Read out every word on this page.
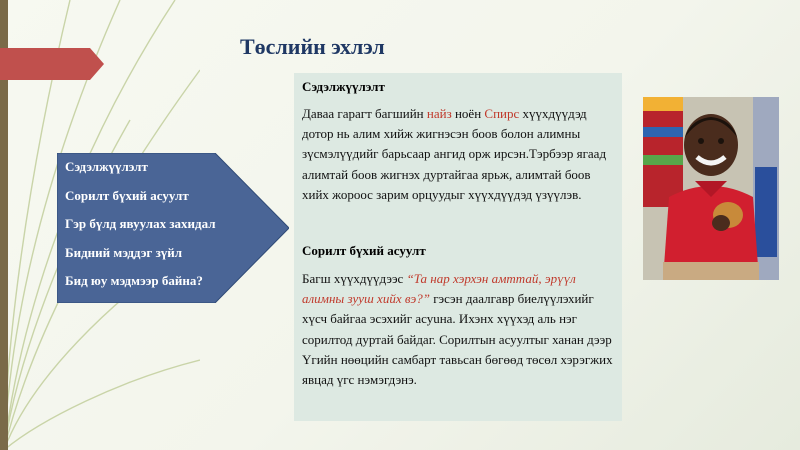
Төслийн эхлэл
Сэдэлжүүлэлт
Сорилт бүхий асуулт
Гэр бүлд явуулах захидал
Бидний мэддэг зүйл
Бид юу мэдмээр байна?
Сэдэлжүүлэлт

Даваа гарагт багшийн найз ноён Спирс хүүхдүүдэд дотор нь алим хийж жигнэсэн боов болон алимны зүсмэлүүдийг барьсаар ангид орж ирсэн.Тэрбээр ягаад алимтай боов жигнэх дуртайгаа ярьж, алимтай боов хийх жороос зарим орцуудыг хүүхдүүдэд үзүүлэв.

Сорилт бүхий асуулт

Багш хүүхдүүдээс “Та нар хэрхэн амттай, эрүүл алимны зууш хийх вэ?” гэсэн даалгавр биелүүлэхийг хүсч байгаа эсэхийг асуuна. Ихэнх хүүхэд аль нэг сорилтод дуртай байдаг. Сорилтын асуултыг ханан дээр Үгийн нөөцийн самбарт тавьсан бөгөөд төсөл хэрэгжих явцад үгс нэмэгдэнэ.
